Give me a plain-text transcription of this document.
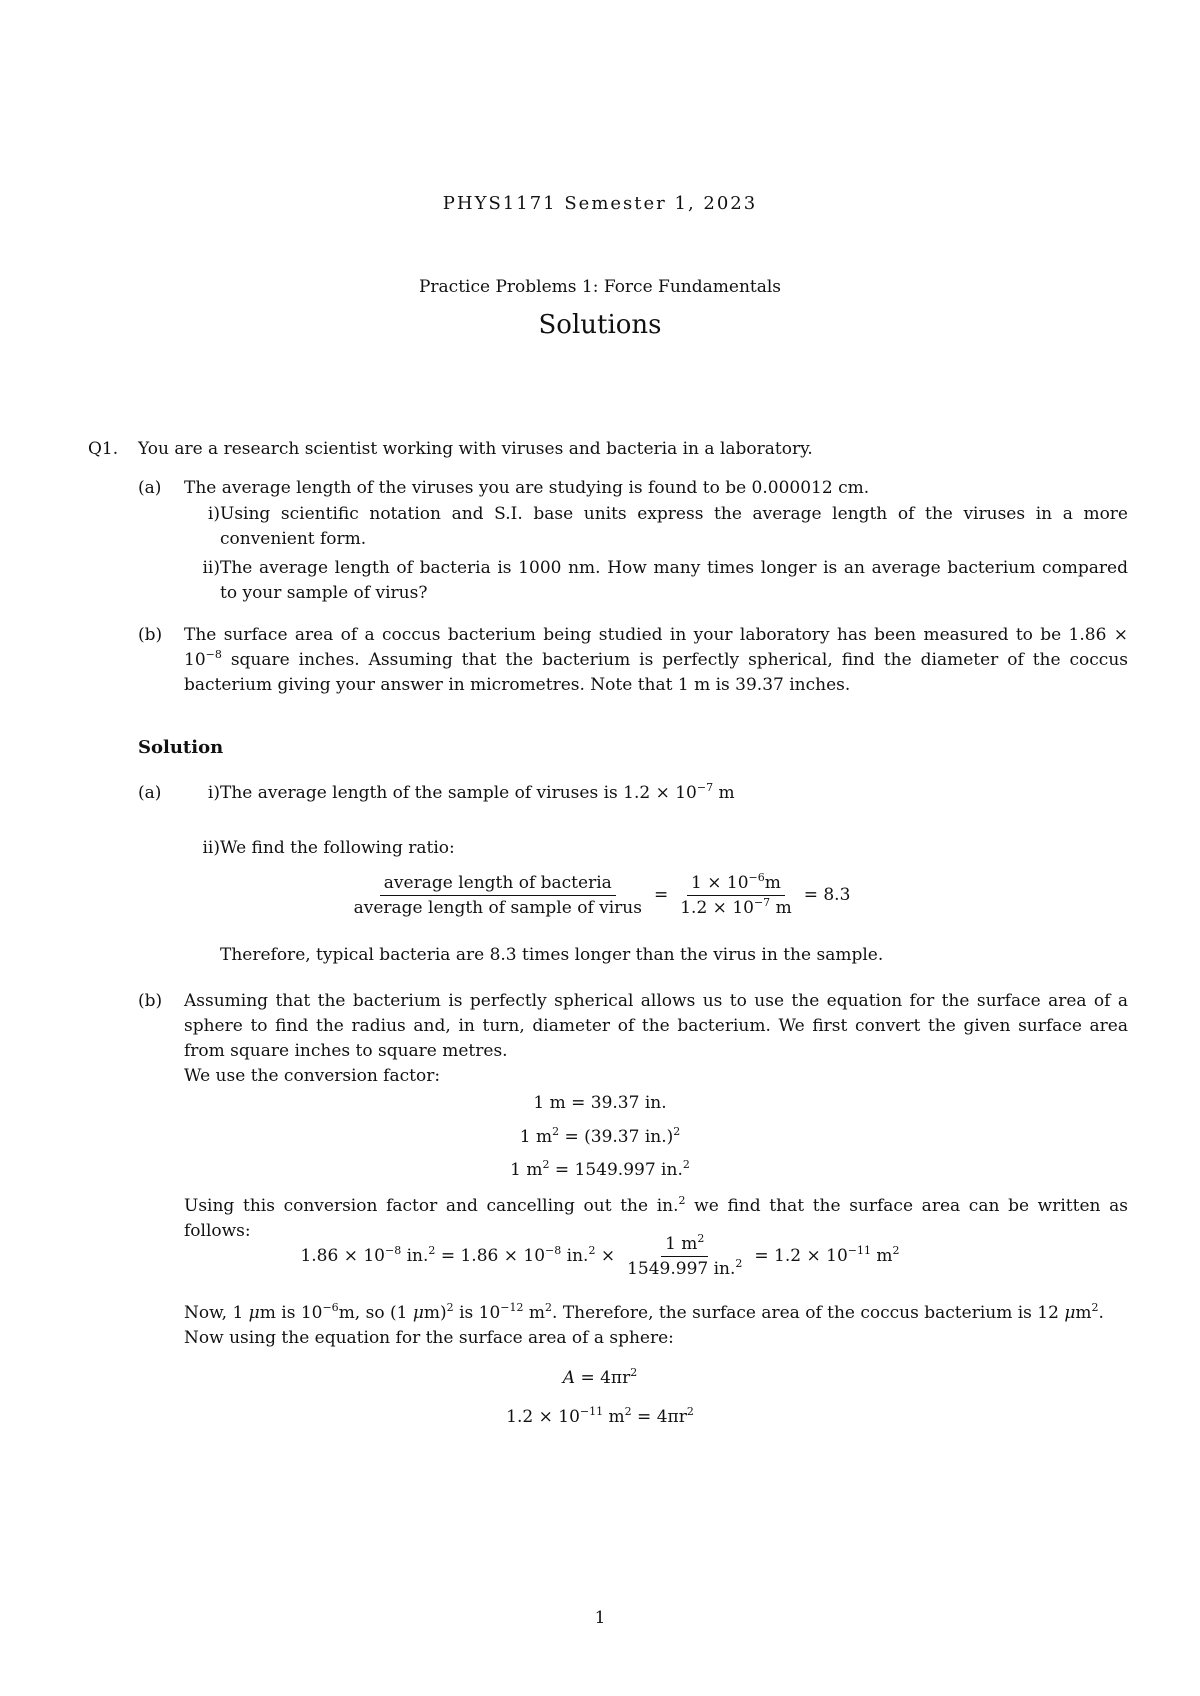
PHYS1171 Semester 1, 2023
Practice Problems 1: Force Fundamentals
Solutions
Q1. You are a research scientist working with viruses and bacteria in a laboratory.
(a) The average length of the viruses you are studying is found to be 0.000012 cm.
i) Using scientific notation and S.I. base units express the average length of the viruses in a more convenient form.
ii) The average length of bacteria is 1000 nm. How many times longer is an average bacterium compared to your sample of virus?
(b) The surface area of a coccus bacterium being studied in your laboratory has been measured to be $1.86 \times 10^{-8}$ square inches. Assuming that the bacterium is perfectly spherical, find the diameter of the coccus bacterium giving your answer in micrometres. Note that 1 m is 39.37 inches.
Solution
(a)	i) The average length of the sample of viruses is $1.2 \times 10^{-7}$ m
ii) We find the following ratio:
$\frac{\text{average length of bacteria}}{\text{average length of sample of virus}} = \frac{1 \times 10^{-6}m}{1.2 \times 10^{-7} m} = 8.3$
Therefore, typical bacteria are 8.3 times longer than the virus in the sample.
(b) Assuming that the bacterium is perfectly spherical allows us to use the equation for the surface area of a sphere to find the radius and, in turn, diameter of the bacterium. We first convert the given surface area from square inches to square metres.
We use the conversion factor:
1 m = 39.37 in.
1 $m^2 = (39.37$ in.)$^2$
1 $m^2 = 1549.997$ in.$^2$
Using this conversion factor and cancelling out the in.$^2$ we find that the surface area can be written as follows:
$1.86 \times 10^{-8}$ $in.^2 = 1.86 \times 10^{-8}$ $in.^2 \times \frac{1 m^2}{1549.997 in.^2} = 1.2 \times 10^{-11}$ $m^2$
Now, 1 μm is $10^{-6}m$, so (1 μm)$^2$ is $10^{-12}$ $m^2$. Therefore, the surface area of the coccus bacterium is 12 $\mu m^2$.
Now using the equation for the surface area of a sphere:
$A = 4\pi r^2$
$1.2 \times 10^{-11}$ $m^2 = 4\pi r^2$
1
